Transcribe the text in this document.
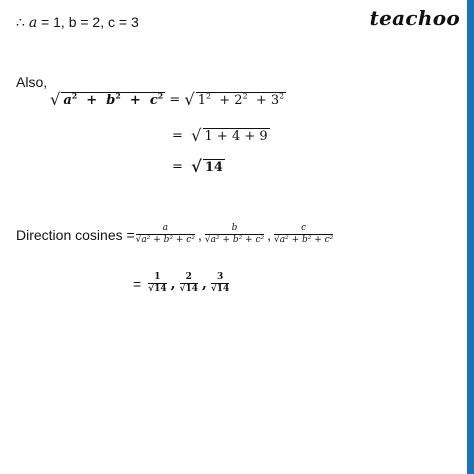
teachoo
∴ a = 1, b = 2, c = 3
Also,
√ $a^2 + b^2 + c^2$ = √ $1^2 + 2^2 + 3^2$
= √ 1 + 4 + 9
= √ 14
Direction cosines = $\frac{a}{\text{√a² + b² + c²}}$ , $\frac{b}{\text{√a² + b² + c²}}$ , $\frac{c}{\text{√a² + b² + c²}}$
= $\frac{1}{√14}$ , $\frac{2}{√14}$ , $\frac{3}{√14}$
